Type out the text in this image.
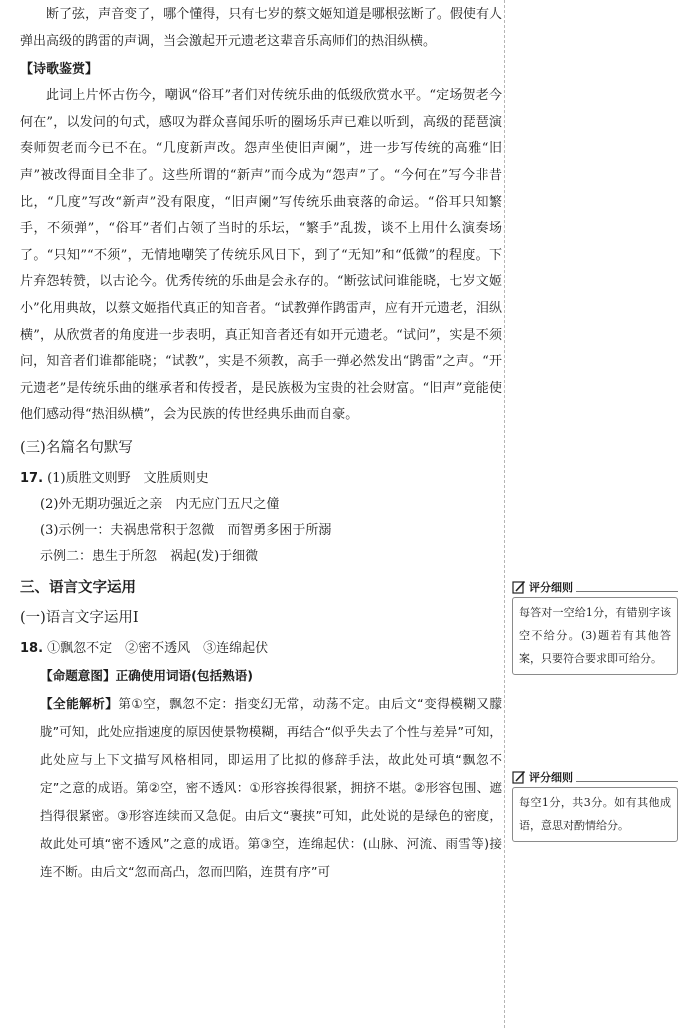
断了弦，声音变了，哪个懂得，只有七岁的蔡文姬知道是哪根弦断了。假使有人弹出高级的鹍雷的声调，当会激起开元遗老这辈音乐高师们的热泪纵横。

【诗歌鉴赏】

此词上片怀古伤今，嘲讽“俗耳”者们对传统乐曲的低级欣赏水平。“定场贺老今何在”，以发问的句式，感叹为群众喜闻乐听的圈场乐声已难以听到，高级的琵琶演奏师贺老而今已不在。“几度新声改。怨声坐使旧声阑”，进一步写传统的高雅“旧声”被改得面目全非了。这些所谓的“新声”而今成为“怨声”了。“今何在”写今非昔比，“几度”写改“新声”没有限度，“旧声阑”写传统乐曲衰落的命运。“俗耳只知繁手，不须弹”，“俗耳”者们占领了当时的乐坛，“繁手”乱拨，谈不上用什么演奏场了。“只知”“不须”，无情地嘲笑了传统乐风日下，到了“无知”和“低微”的程度。下片弃怨转赞，以古论今。优秀传统的乐曲是会永存的。“断弦试问谁能晓，七岁文姬小”化用典故，以蔡文姬指代真正的知音者。“试教弹作鹍雷声，应有开元遗老，泪纵横”，从欣赏者的角度进一步表明，真正知音者还有如开元遗老。“试问”，实是不须问，知音者们谁都能晓；“试教”，实是不须教，高手一弹必然发出“鹍雷”之声。“开元遗老”是传统乐曲的继承者和传授者，是民族极为宝贵的社会财富。“旧声”竟能使他们感动得“热泪纵横”，会为民族的传世经典乐曲而自豪。

(三)名篇名句默写

17. (1)质胜文则野　文胜质则史

(2)外无期功强近之亲　内无应门五尺之僮

(3)示例一：夫祸患常积于忽微　而智勇多困于所溺

示例二：患生于所忽　祸起(发)于细微

三、语言文字运用

(一)语言文字运用Ⅰ

18. ①飘忽不定　②密不透风　③连绵起伏

【命题意图】正确使用词语(包括熟语)

【全能解析】第①空，飘忽不定：指变幻无常，动荡不定。由后文“变得模糊又朦胧”可知，此处应指速度的原因使景物模糊，再结合“似乎失去了个性与差异”可知，此处应与上下文描写风格相同，即运用了比拟的修辞手法，故此处可填“飘忽不定”之意的成语。第②空，密不透风：①形容挨得很紧，拥挤不堪。②形容包围、遮挡得很紧密。③形容连续而又急促。由后文“裹挟”可知，此处说的是绿色的密度，故此处可填“密不透风”之意的成语。第③空，连绵起伏：(山脉、河流、雨雪等)接连不断。由后文“忽而高凸，忽而凹陷，连贯有序”可

评分细则
每答对一空给1分，有错别字该空不给分。(3)题若有其他答案，只要符合要求即可给分。
评分细则
每空1分，共3分。如有其他成语，意思对酌情给分。
